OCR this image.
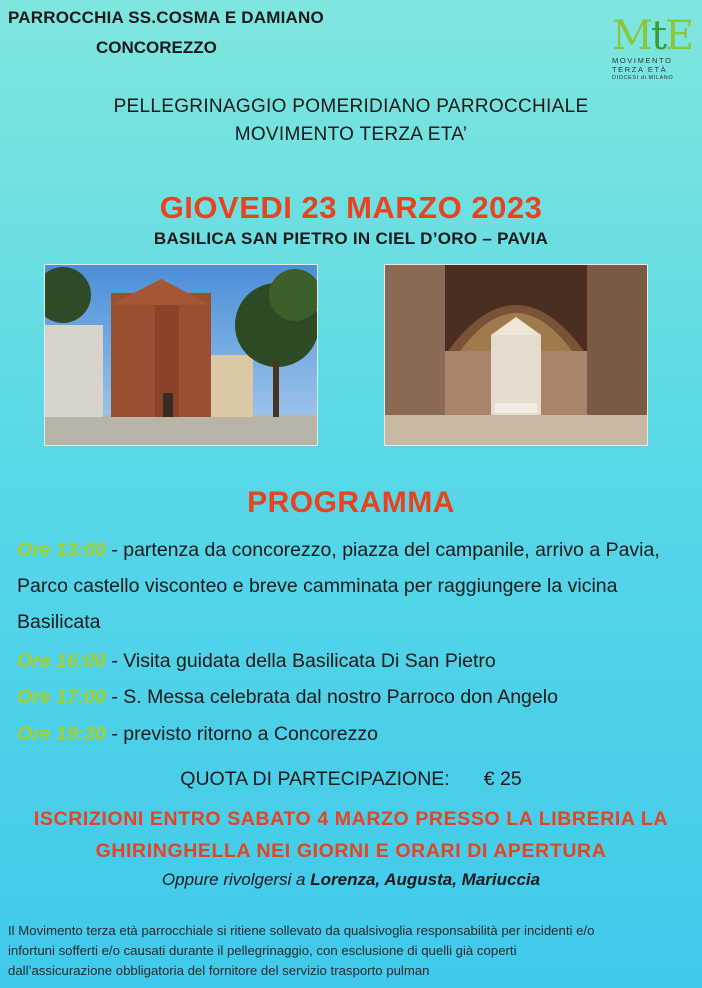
PARROCCHIA SS.COSMA E DAMIANO
CONCOREZZO	MtE
MOVIMENTO
TERZA ETÀ
DIOCESI di MILANO
PELLEGRINAGGIO POMERIDIANO PARROCCHIALE
MOVIMENTO TERZA ETA’
GIOVEDI 23 MARZO 2023
BASILICA SAN PIETRO IN CIEL D’ORO – PAVIA
PROGRAMMA
Ore 13:00 - partenza da concorezzo, piazza del campanile, arrivo a Pavia, Parco castello visconteo e breve camminata per raggiungere la vicina Basilicata
Ore 16:00 - Visita guidata della Basilicata Di San Pietro
Ore 17:00 - S. Messa celebrata dal nostro Parroco don Angelo
Ore 19:30 - previsto ritorno a Concorezzo
QUOTA DI PARTECIPAZIONE: € 25
ISCRIZIONI ENTRO SABATO 4 MARZO PRESSO LA LIBRERIA LA
GHIRINGHELLA NEI GIORNI E ORARI DI APERTURA
Oppure rivolgersi a Lorenza, Augusta, Mariuccia
Il Movimento terza età parrocchiale si ritiene sollevato da qualsivoglia responsabilità per incidenti e/o
infortuni sofferti e/o causati durante il pellegrinaggio, con esclusione di quelli già coperti
dall’assicurazione obbligatoria del fornitore del servizio trasporto pulman
